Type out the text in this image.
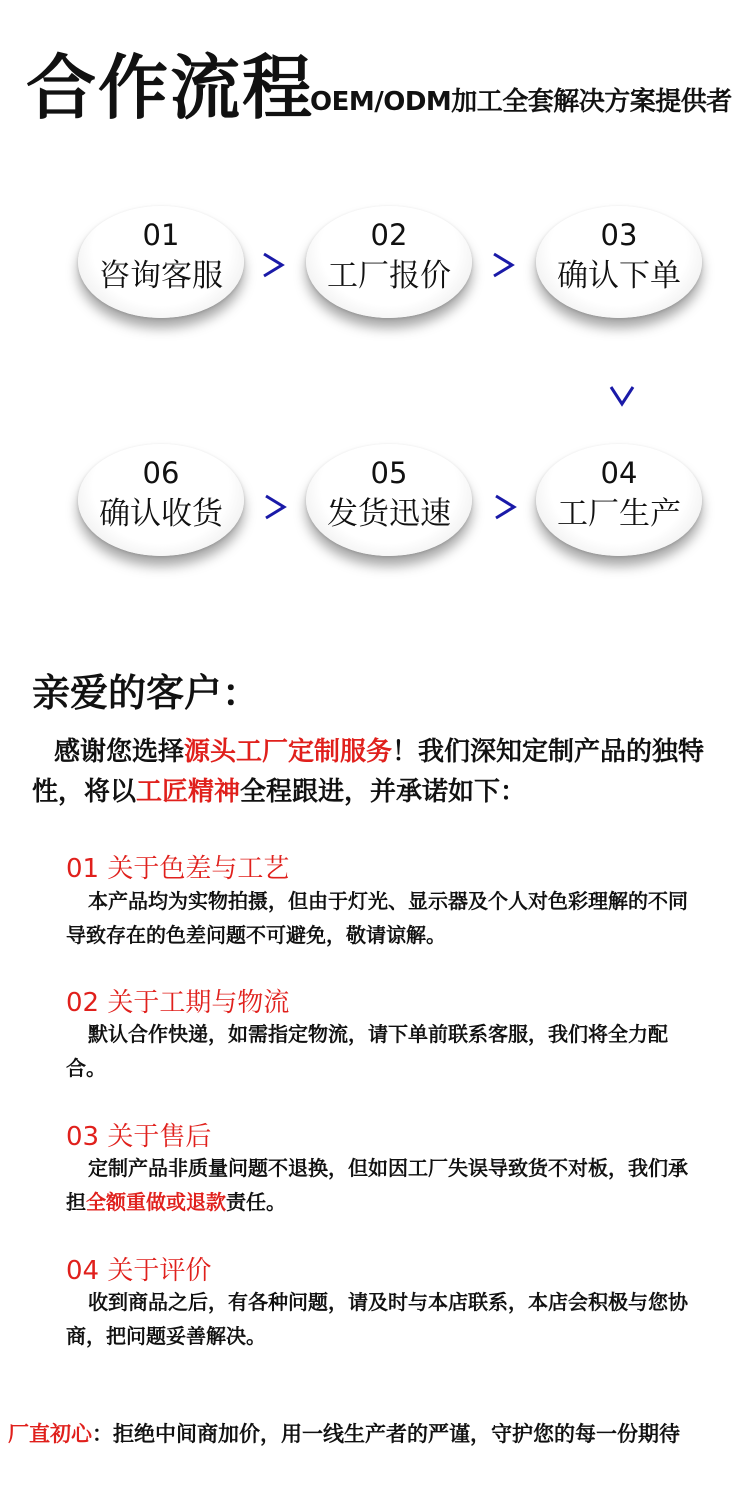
合作流程
OEM/ODM加工全套解决方案提供者
01
咨询客服
02
工厂报价
03
确认下单
06
确认收货
05
发货迅速
04
工厂生产
亲爱的客户：
感谢您选择源头工厂定制服务！我们深知定制产品的独特性，将以工匠精神全程跟进，并承诺如下：
01 关于色差与工艺
本产品均为实物拍摄，但由于灯光、显示器及个人对色彩理解的不同导致存在的色差问题不可避免，敬请谅解。
02 关于工期与物流
默认合作快递，如需指定物流，请下单前联系客服，我们将全力配合。
03 关于售后
定制产品非质量问题不退换，但如因工厂失误导致货不对板，我们承担全额重做或退款责任。
04 关于评价
收到商品之后，有各种问题，请及时与本店联系，本店会积极与您协商，把问题妥善解决。
厂直初心：拒绝中间商加价，用一线生产者的严谨，守护您的每一份期待
